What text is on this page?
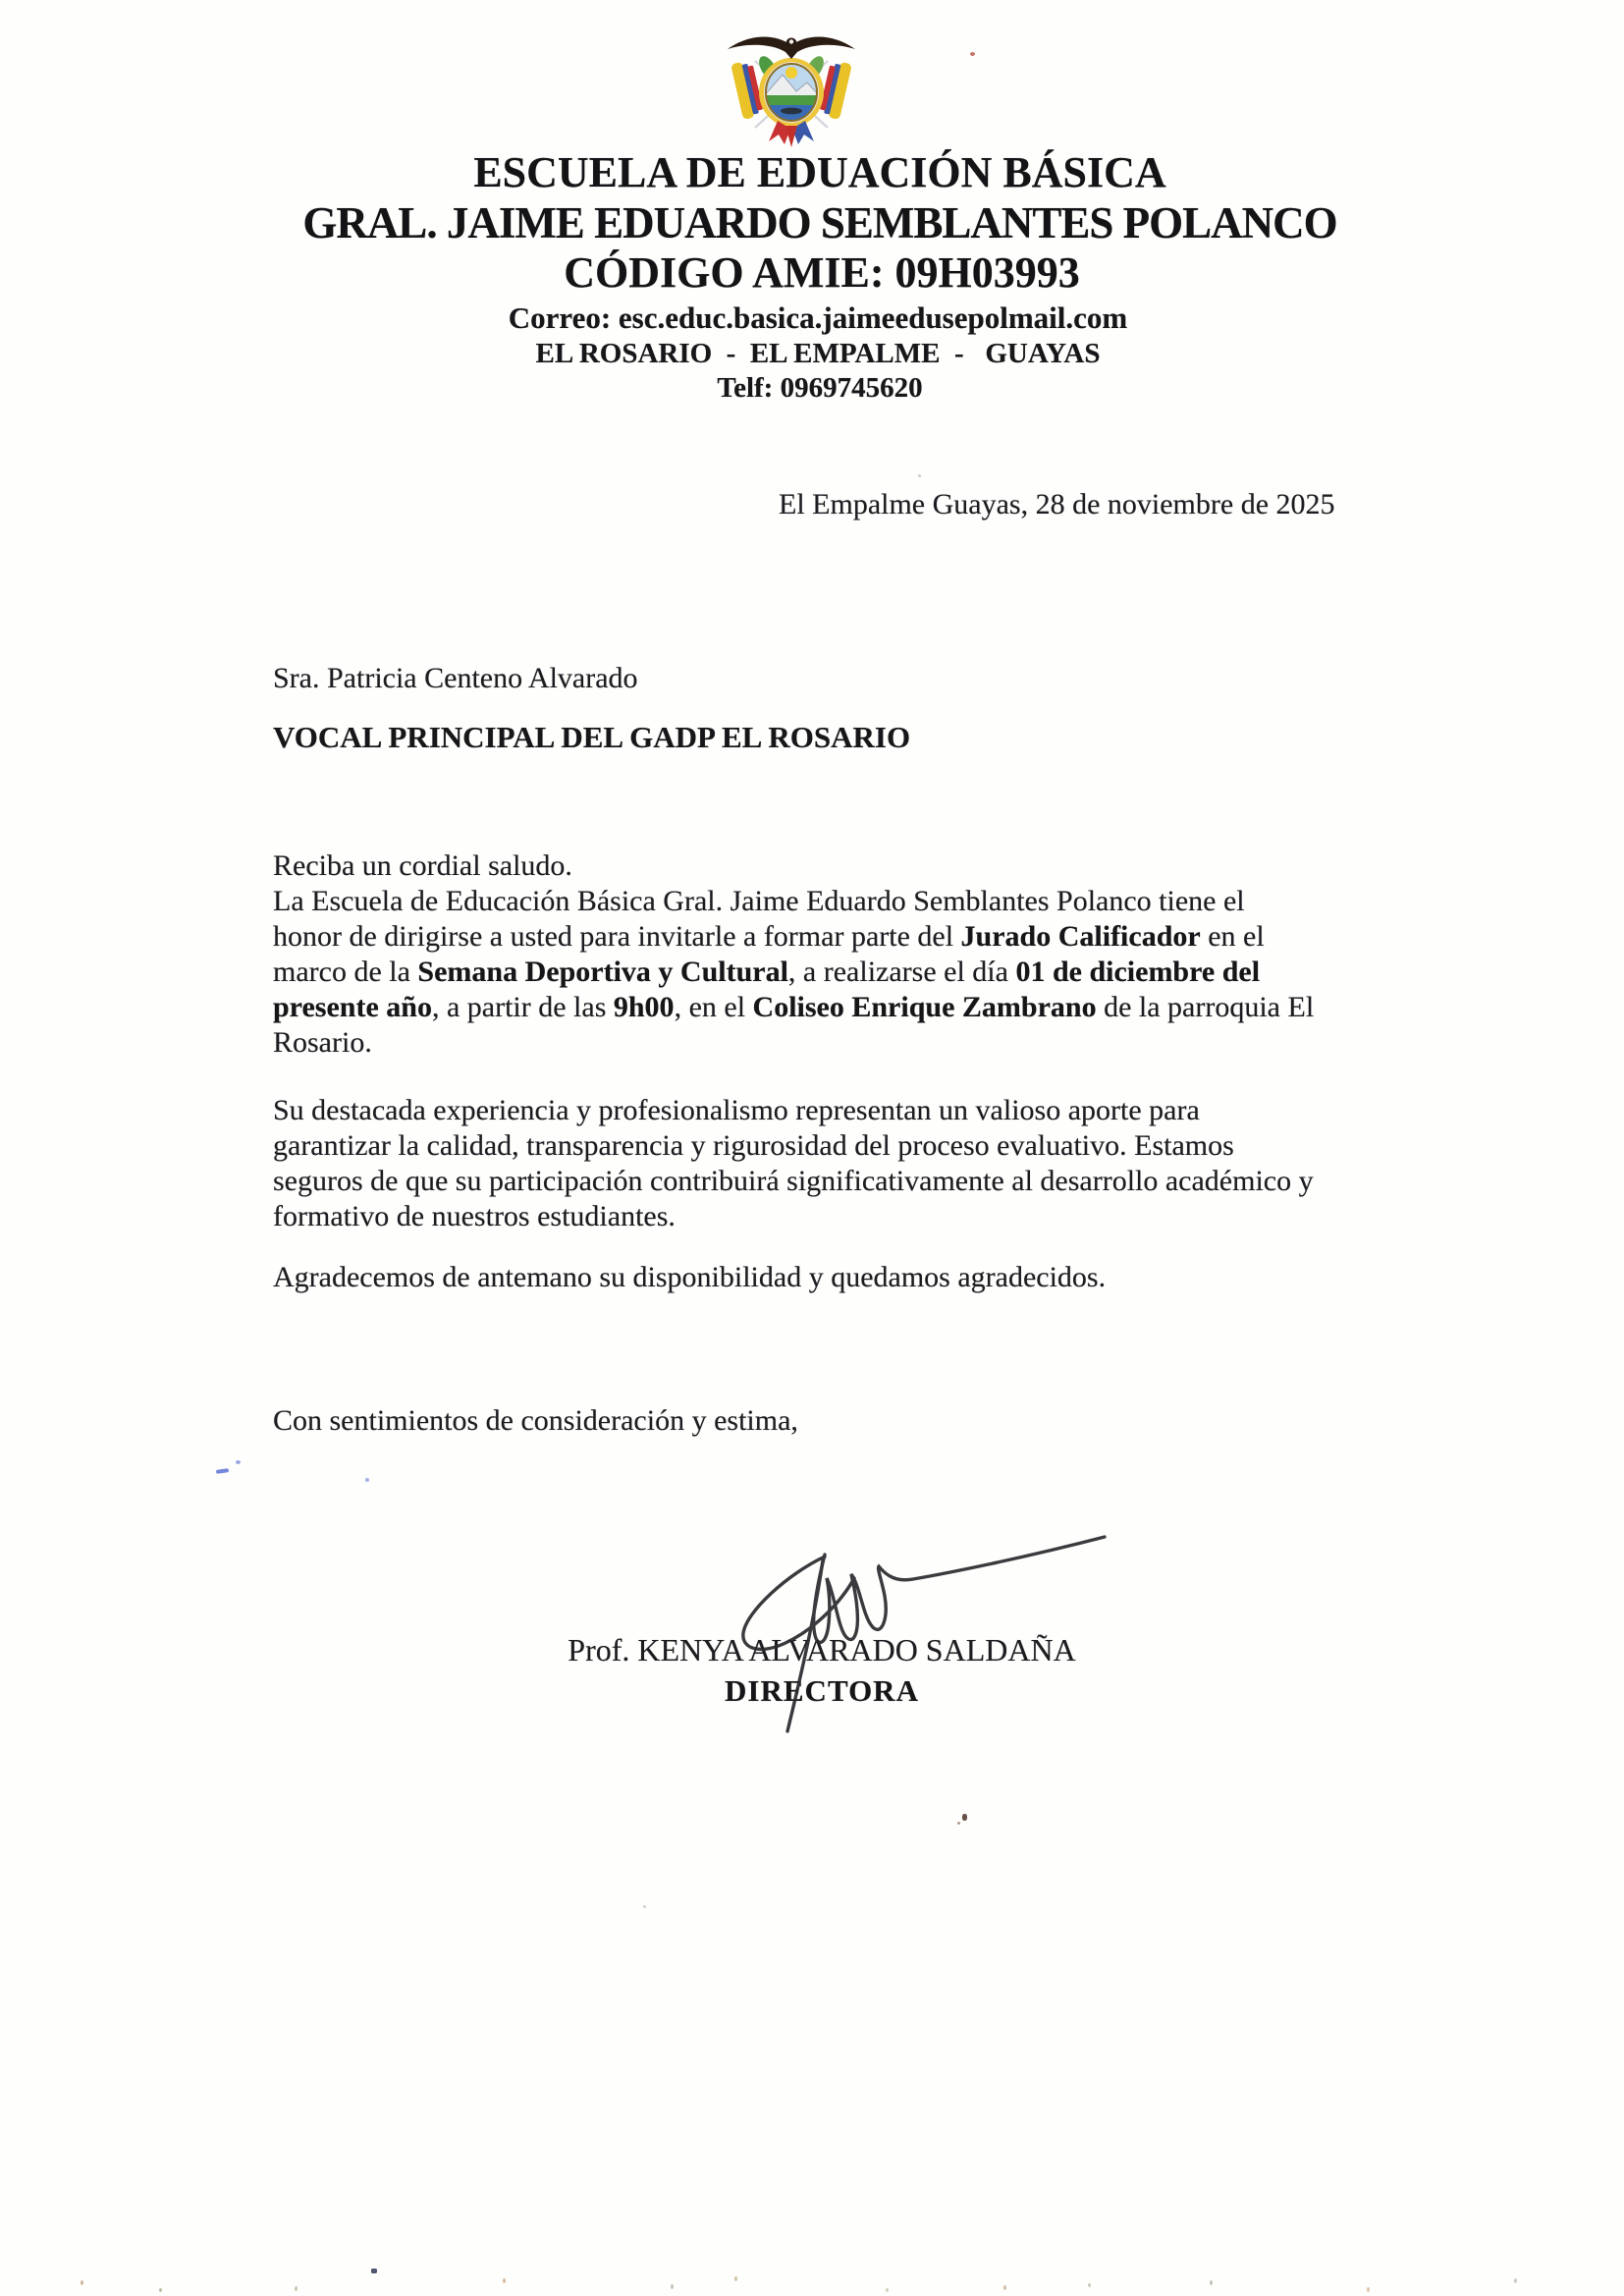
ESCUELA DE EDUACIÓN BÁSICA
GRAL. JAIME EDUARDO SEMBLANTES POLANCO
CÓDIGO AMIE: 09H03993
Correo: esc.educ.basica.jaimeedusepolmail.com
EL ROSARIO  -  EL EMPALME  -   GUAYAS
Telf: 0969745620
El Empalme Guayas, 28 de noviembre de 2025
Sra. Patricia Centeno Alvarado
VOCAL PRINCIPAL DEL GADP EL ROSARIO
Reciba un cordial saludo.
La Escuela de Educación Básica Gral. Jaime Eduardo Semblantes Polanco tiene el
honor de dirigirse a usted para invitarle a formar parte del Jurado Calificador en el
marco de la Semana Deportiva y Cultural, a realizarse el día 01 de diciembre del
presente año, a partir de las 9h00, en el Coliseo Enrique Zambrano de la parroquia El
Rosario.
Su destacada experiencia y profesionalismo representan un valioso aporte para
garantizar la calidad, transparencia y rigurosidad del proceso evaluativo. Estamos
seguros de que su participación contribuirá significativamente al desarrollo académico y
formativo de nuestros estudiantes.
Agradecemos de antemano su disponibilidad y quedamos agradecidos.
Con sentimientos de consideración y estima,
Prof. KENYA ALVARADO SALDAÑA
DIRECTORA
